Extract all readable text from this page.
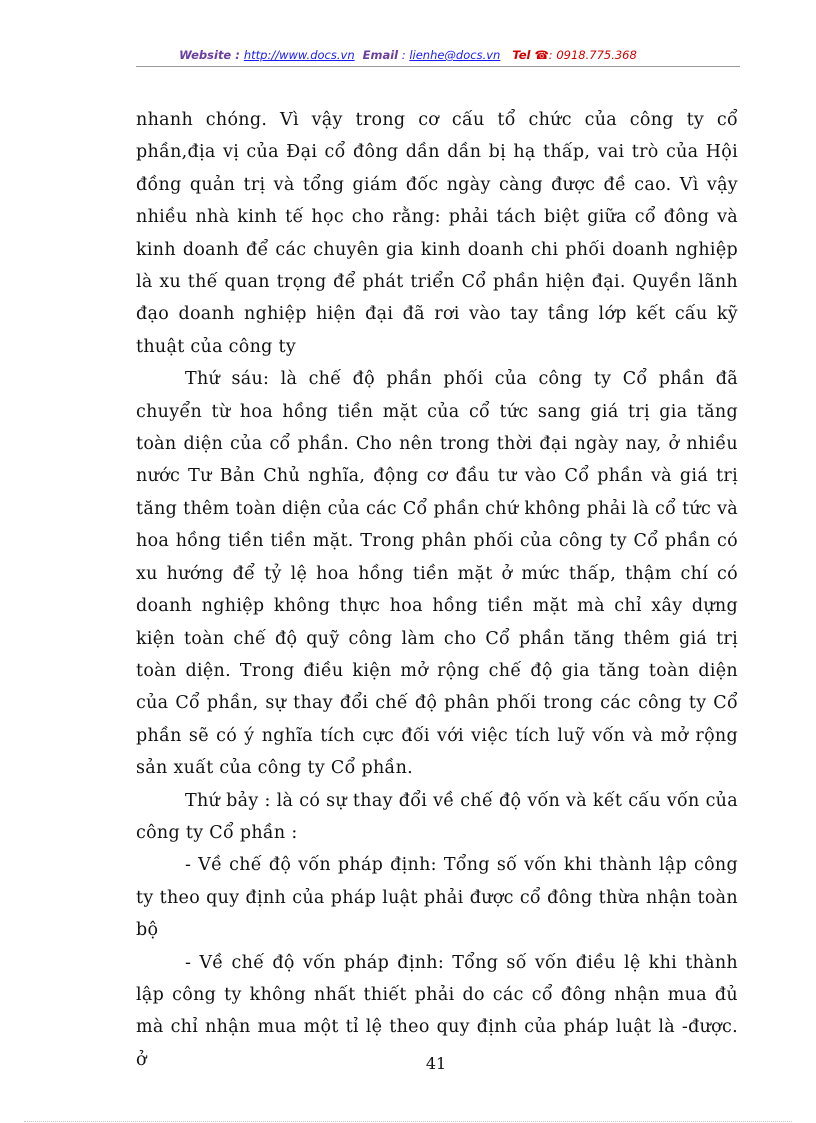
Website : http://www.docs.vn Email : lienhe@docs.vn Tel ☎: 0918.775.368

nhanh chóng. Vì vậy trong cơ cấu tổ chức của công ty cổ phần,địa vị của Đại cổ đông dần dần bị hạ thấp, vai trò của Hội đồng quản trị và tổng giám đốc ngày càng được đề cao. Vì vậy nhiều nhà kinh tế học cho rằng: phải tách biệt giữa cổ đông và kinh doanh để các chuyên gia kinh doanh chi phối doanh nghiệp là xu thế quan trọng để phát triển Cổ phần hiện đại. Quyền lãnh đạo doanh nghiệp hiện đại đã rơi vào tay tầng lớp kết cấu kỹ thuật của công ty

Thứ sáu: là chế độ phần phối của công ty Cổ phần đã chuyển từ hoa hồng tiền mặt của cổ tức sang giá trị gia tăng toàn diện của cổ phần. Cho nên trong thời đại ngày nay, ở nhiều nước Tư Bản Chủ nghĩa, động cơ đầu tư vào Cổ phần và giá trị tăng thêm toàn diện của các Cổ phần chứ không phải là cổ tức và hoa hồng tiền tiền mặt. Trong phân phối của công ty Cổ phần có xu hướng để tỷ lệ hoa hồng tiền mặt ở mức thấp, thậm chí có doanh nghiệp không thực hoa hồng tiền mặt mà chỉ xây dựng kiện toàn chế độ quỹ công làm cho Cổ phần tăng thêm giá trị toàn diện. Trong điều kiện mở rộng chế độ gia tăng toàn diện của Cổ phần, sự thay đổi chế độ phân phối trong các công ty Cổ phần sẽ có ý nghĩa tích cực đối với việc tích luỹ vốn và mở rộng sản xuất của công ty Cổ phần.

Thứ bảy : là có sự thay đổi về chế độ vốn và kết cấu vốn của công ty Cổ phần :

- Về chế độ vốn pháp định: Tổng số vốn khi thành lập công ty theo quy định của pháp luật phải được cổ đông thừa nhận toàn bộ

- Về chế độ vốn pháp định: Tổng số vốn điều lệ khi thành lập công ty không nhất thiết phải do các cổ đông nhận mua đủ mà chỉ nhận mua một tỉ lệ theo quy định của pháp luật là -được. ở	41
